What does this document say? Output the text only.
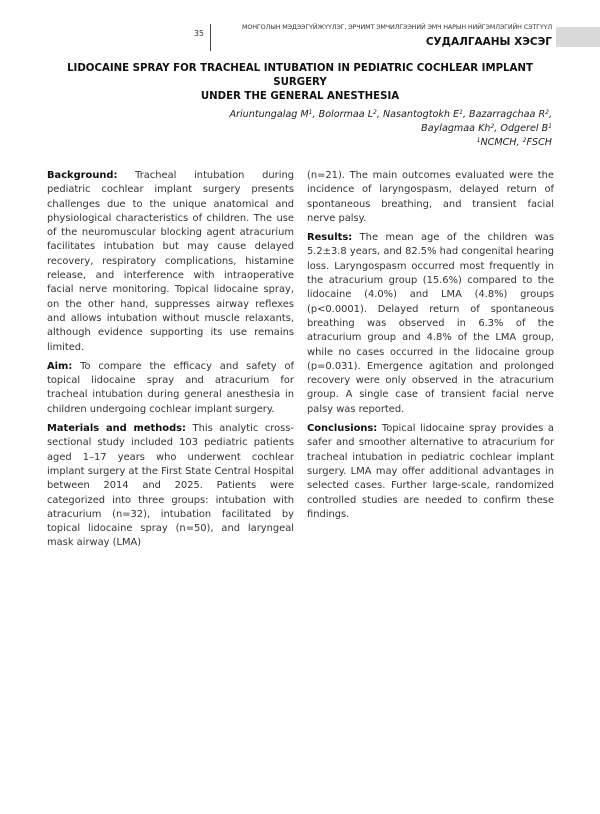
35
МОНГОЛЫН МЭДЭЭГҮЙЖҮҮЛЭГ, ЭРЧИМТ ЭМЧИЛГЭЭНИЙ ЭМЧ НАРЫН НИЙГЭМЛЭГИЙН СЭТГҮҮЛ
СУДАЛГААНЫ ХЭСЭГ
LIDOCAINE SPRAY FOR TRACHEAL INTUBATION IN PEDIATRIC COCHLEAR IMPLANT SURGERY
UNDER THE GENERAL ANESTHESIA
Ariuntungalag $M^1$, Bolormaa $L^2$, Nasantogtokh $E^1$, Bazarragchaa $R^2$,
Baylagmaa Kh$^2$, Odgerel $B^1$
$^1$NCMCH, $^2$FSCH

Background: Tracheal intubation during pediatric cochlear implant surgery presents challenges due to the unique anatomical and physiological characteristics of children. The use of the neuromuscular blocking agent atracurium facilitates intubation but may cause delayed recovery, respiratory complications, histamine release, and interference with intraoperative facial nerve monitoring. Topical lidocaine spray, on the other hand, suppresses airway reflexes and allows intubation without muscle relaxants, although evidence supporting its use remains limited.

Aim: To compare the efficacy and safety of topical lidocaine spray and atracurium for tracheal intubation during general anesthesia in children undergoing cochlear implant surgery.

Materials and methods: This analytic cross-sectional study included 103 pediatric patients aged 1–17 years who underwent cochlear implant surgery at the First State Central Hospital between 2014 and 2025. Patients were categorized into three groups: intubation with atracurium (n=32), intubation facilitated by topical lidocaine spray (n=50), and laryngeal mask airway (LMA)

(n=21). The main outcomes evaluated were the incidence of laryngospasm, delayed return of spontaneous breathing, and transient facial nerve palsy.

Results: The mean age of the children was 5.2±3.8 years, and 82.5% had congenital hearing loss. Laryngospasm occurred most frequently in the atracurium group (15.6%) compared to the lidocaine (4.0%) and LMA (4.8%) groups (p<0.0001). Delayed return of spontaneous breathing was observed in 6.3% of the atracurium group and 4.8% of the LMA group, while no cases occurred in the lidocaine group (p=0.031). Emergence agitation and prolonged recovery were only observed in the atracurium group. A single case of transient facial nerve palsy was reported.

Conclusions: Topical lidocaine spray provides a safer and smoother alternative to atracurium for tracheal intubation in pediatric cochlear implant surgery. LMA may offer additional advantages in selected cases. Further large-scale, randomized controlled studies are needed to confirm these findings.
